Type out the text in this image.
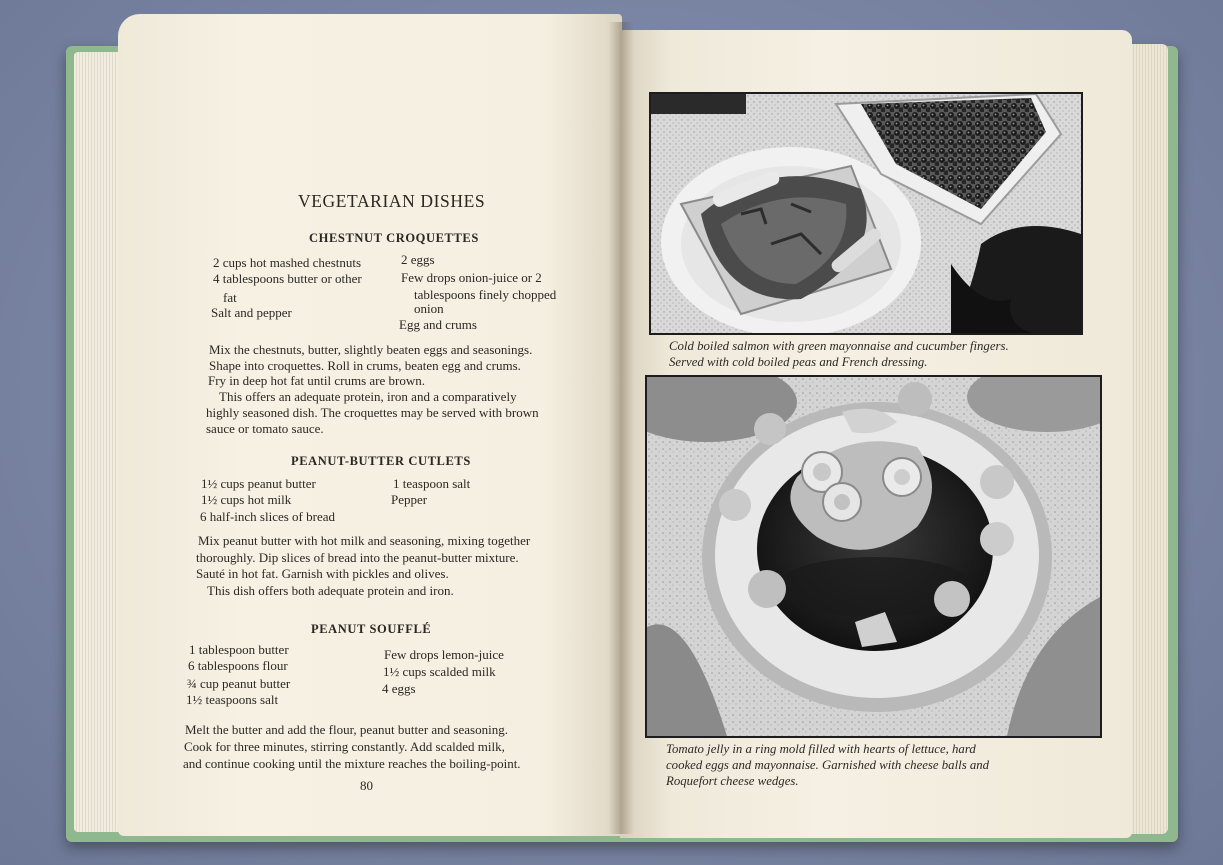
VEGETARIAN DISHES
CHESTNUT CROQUETTES
2 cups hot mashed chestnuts
4 tablespoons butter or other
fat
Salt and pepper
2 eggs
Few drops onion-juice or 2
tablespoons finely chopped
onion
Egg and crums
Mix the chestnuts, butter, slightly beaten eggs and seasonings.
Shape into croquettes. Roll in crums, beaten egg and crums.
Fry in deep hot fat until crums are brown.
This offers an adequate protein, iron and a comparatively
highly seasoned dish. The croquettes may be served with brown
sauce or tomato sauce.
PEANUT-BUTTER CUTLETS
1½ cups peanut butter
1½ cups hot milk
6 half-inch slices of bread
1 teaspoon salt
Pepper
Mix peanut butter with hot milk and seasoning, mixing together
thoroughly. Dip slices of bread into the peanut-butter mixture.
Sauté in hot fat. Garnish with pickles and olives.
This dish offers both adequate protein and iron.
PEANUT SOUFFLÉ
1 tablespoon butter
6 tablespoons flour
¾ cup peanut butter
1½ teaspoons salt
Few drops lemon-juice
1½ cups scalded milk
4 eggs
Melt the butter and add the flour, peanut butter and seasoning.
Cook for three minutes, stirring constantly. Add scalded milk,
and continue cooking until the mixture reaches the boiling-point.
80
Cold boiled salmon with green mayonnaise and cucumber fingers.
Served with cold boiled peas and French dressing.
Tomato jelly in a ring mold filled with hearts of lettuce, hard
cooked eggs and mayonnaise. Garnished with cheese balls and
Roquefort cheese wedges.
